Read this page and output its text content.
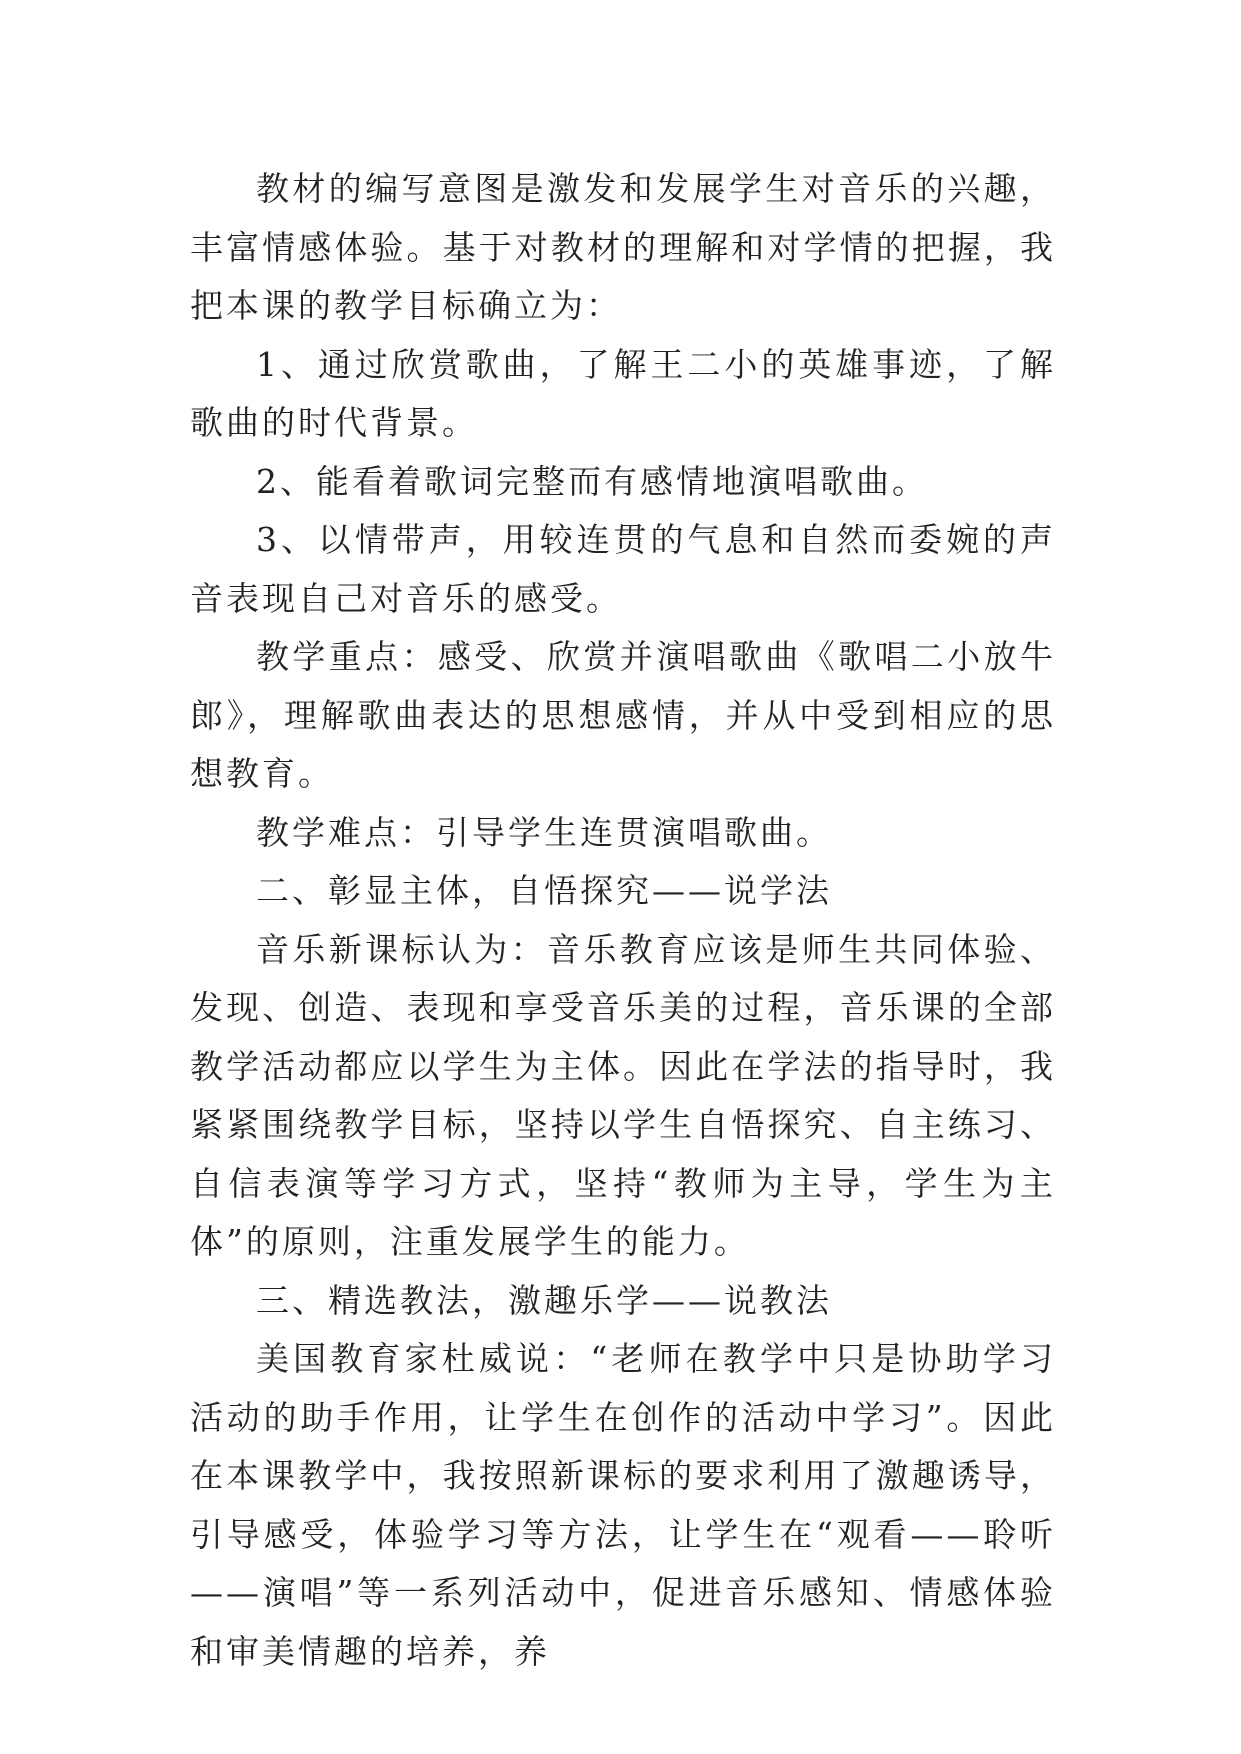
教材的编写意图是激发和发展学生对音乐的兴趣，丰富情感体验。基于对教材的理解和对学情的把握，我把本课的教学目标确立为：

1、通过欣赏歌曲，了解王二小的英雄事迹，了解歌曲的时代背景。

2、能看着歌词完整而有感情地演唱歌曲。

3、以情带声，用较连贯的气息和自然而委婉的声音表现自己对音乐的感受。

教学重点：感受、欣赏并演唱歌曲《歌唱二小放牛郎》，理解歌曲表达的思想感情，并从中受到相应的思想教育。

教学难点：引导学生连贯演唱歌曲。

二、彰显主体，自悟探究——说学法

音乐新课标认为：音乐教育应该是师生共同体验、发现、创造、表现和享受音乐美的过程，音乐课的全部教学活动都应以学生为主体。因此在学法的指导时，我紧紧围绕教学目标，坚持以学生自悟探究、自主练习、自信表演等学习方式，坚持“教师为主导，学生为主体”的原则，注重发展学生的能力。

三、精选教法，激趣乐学——说教法

美国教育家杜威说：“老师在教学中只是协助学习活动的助手作用，让学生在创作的活动中学习”。因此在本课教学中，我按照新课标的要求利用了激趣诱导，引导感受，体验学习等方法，让学生在“观看——聆听——演唱”等一系列活动中，促进音乐感知、情感体验和审美情趣的培养，养
